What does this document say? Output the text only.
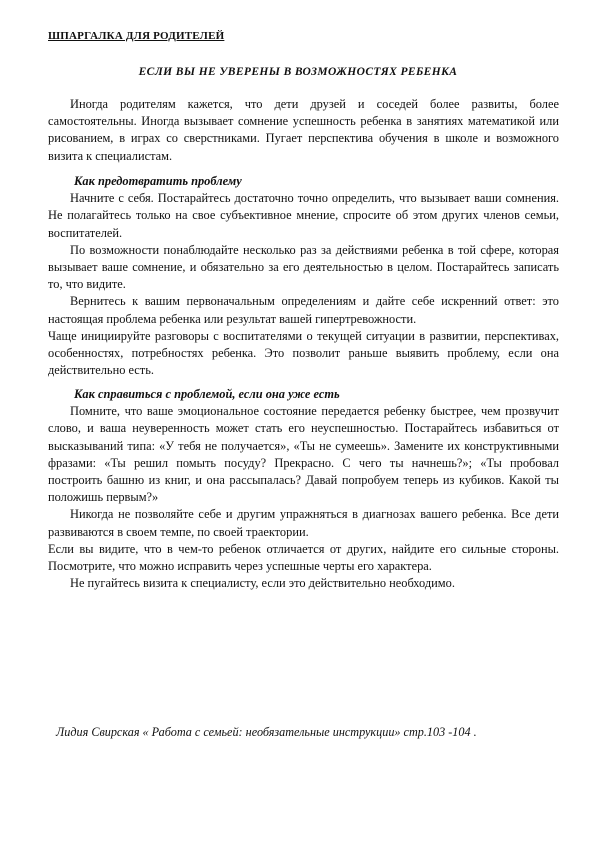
ШПАРГАЛКА ДЛЯ РОДИТЕЛЕЙ
ЕСЛИ ВЫ НЕ УВЕРЕНЫ В ВОЗМОЖНОСТЯХ РЕБЕНКА

Иногда родителям кажется, что дети друзей и соседей более развиты, более самостоятельны. Иногда вызывает сомнение успешность ребенка в занятиях математикой или рисованием, в играх со сверстниками. Пугает перспектива обучения в школе и возможного визита к специалистам.

Как предотвратить проблему

Начните с себя. Постарайтесь достаточно точно определить, что вызывает ваши сомнения. Не полагайтесь только на свое субъективное мнение, спросите об этом других членов семьи, воспитателей.

По возможности понаблюдайте несколько раз за действиями ребенка в той сфере, которая вызывает ваше сомнение, и обязательно за его деятельностью в целом. Постарайтесь записать то, что видите.

Вернитесь к вашим первоначальным определениям и дайте себе искренний ответ: это настоящая проблема ребенка или результат вашей гипертревожности.

Чаще инициируйте разговоры с воспитателями о текущей ситуации в развитии, перспективах, особенностях, потребностях ребенка. Это позволит раньше выявить проблему, если она действительно есть.

Как справиться с проблемой, если она уже есть

Помните, что ваше эмоциональное состояние передается ребенку быстрее, чем прозвучит слово, и ваша неуверенность может стать его неуспешностью. Постарайтесь избавиться от высказываний типа: «У тебя не получается», «Ты не сумеешь». Замените их конструктивными фразами: «Ты решил помыть посуду? Прекрасно. С чего ты начнешь?»; «Ты пробовал построить башню из книг, и она рассыпалась? Давай попробуем теперь из кубиков. Какой ты положишь первым?»

Никогда не позволяйте себе и другим упражняться в диагнозах вашего ребенка. Все дети развиваются в своем темпе, по своей траектории.

Если вы видите, что в чем-то ребенок отличается от других, найдите его сильные стороны. Посмотрите, что можно исправить через успешные черты его характера.

Не пугайтесь визита к специалисту, если это действительно необходимо.

Лидия Свирская « Работа с семьей: необязательные инструкции» стр.103 -104 .
